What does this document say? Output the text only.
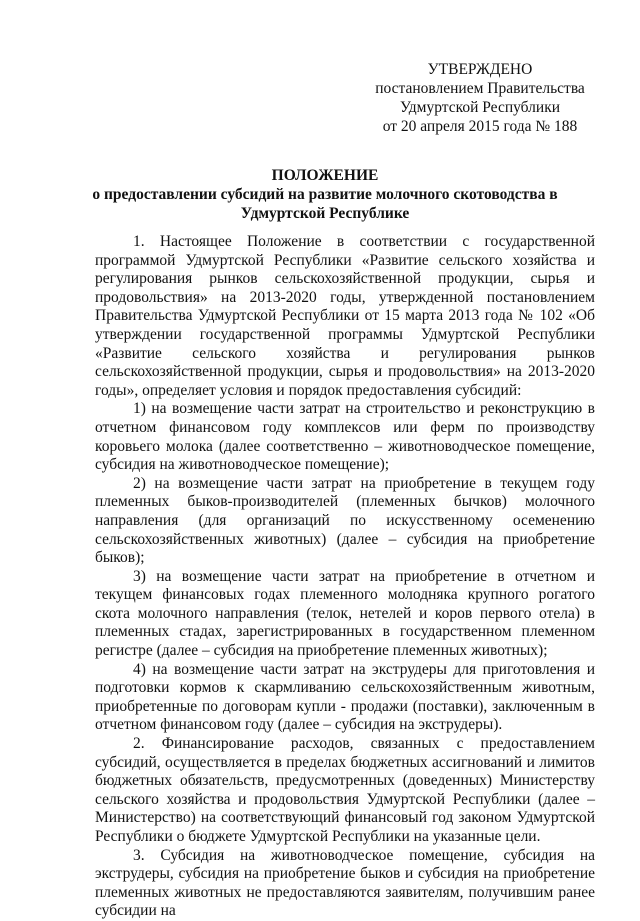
УТВЕРЖДЕНО
постановлением Правительства
Удмуртской Республики
от 20 апреля 2015 года № 188
ПОЛОЖЕНИЕ
о предоставлении субсидий на развитие молочного скотоводства в
Удмуртской Республике

1. Настоящее Положение в соответствии с государственной программой Удмуртской Республики «Развитие сельского хозяйства и регулирования рынков сельскохозяйственной продукции, сырья и продовольствия» на 2013-2020 годы, утвержденной постановлением Правительства Удмуртской Республики от 15 марта 2013 года № 102 «Об утверждении государственной программы Удмуртской Республики «Развитие сельского хозяйства и регулирования рынков сельскохозяйственной продукции, сырья и продовольствия» на 2013-2020 годы», определяет условия и порядок предоставления субсидий:

1) на возмещение части затрат на строительство и реконструкцию в отчетном финансовом году комплексов или ферм по производству коровьего молока (далее соответственно – животноводческое помещение, субсидия на животноводческое помещение);

2) на возмещение части затрат на приобретение в текущем году племенных быков-производителей (племенных бычков) молочного направления (для организаций по искусственному осеменению сельскохозяйственных животных) (далее – субсидия на приобретение быков);

3) на возмещение части затрат на приобретение в отчетном и текущем финансовых годах племенного молодняка крупного рогатого скота молочного направления (телок, нетелей и коров первого отела) в племенных стадах, зарегистрированных в государственном племенном регистре (далее – субсидия на приобретение племенных животных);

4) на возмещение части затрат на экструдеры для приготовления и подготовки кормов к скармливанию сельскохозяйственным животным, приобретенные по договорам купли - продажи (поставки), заключенным в отчетном финансовом году (далее – субсидия на экструдеры).

2. Финансирование расходов, связанных с предоставлением субсидий, осуществляется в пределах бюджетных ассигнований и лимитов бюджетных обязательств, предусмотренных (доведенных) Министерству сельского хозяйства и продовольствия Удмуртской Республики (далее – Министерство) на соответствующий финансовый год законом Удмуртской Республики о бюджете Удмуртской Республики на указанные цели.

3. Субсидия на животноводческое помещение, субсидия на экструдеры, субсидия на приобретение быков и субсидия на приобретение племенных животных не предоставляются заявителям, получившим ранее субсидии на
